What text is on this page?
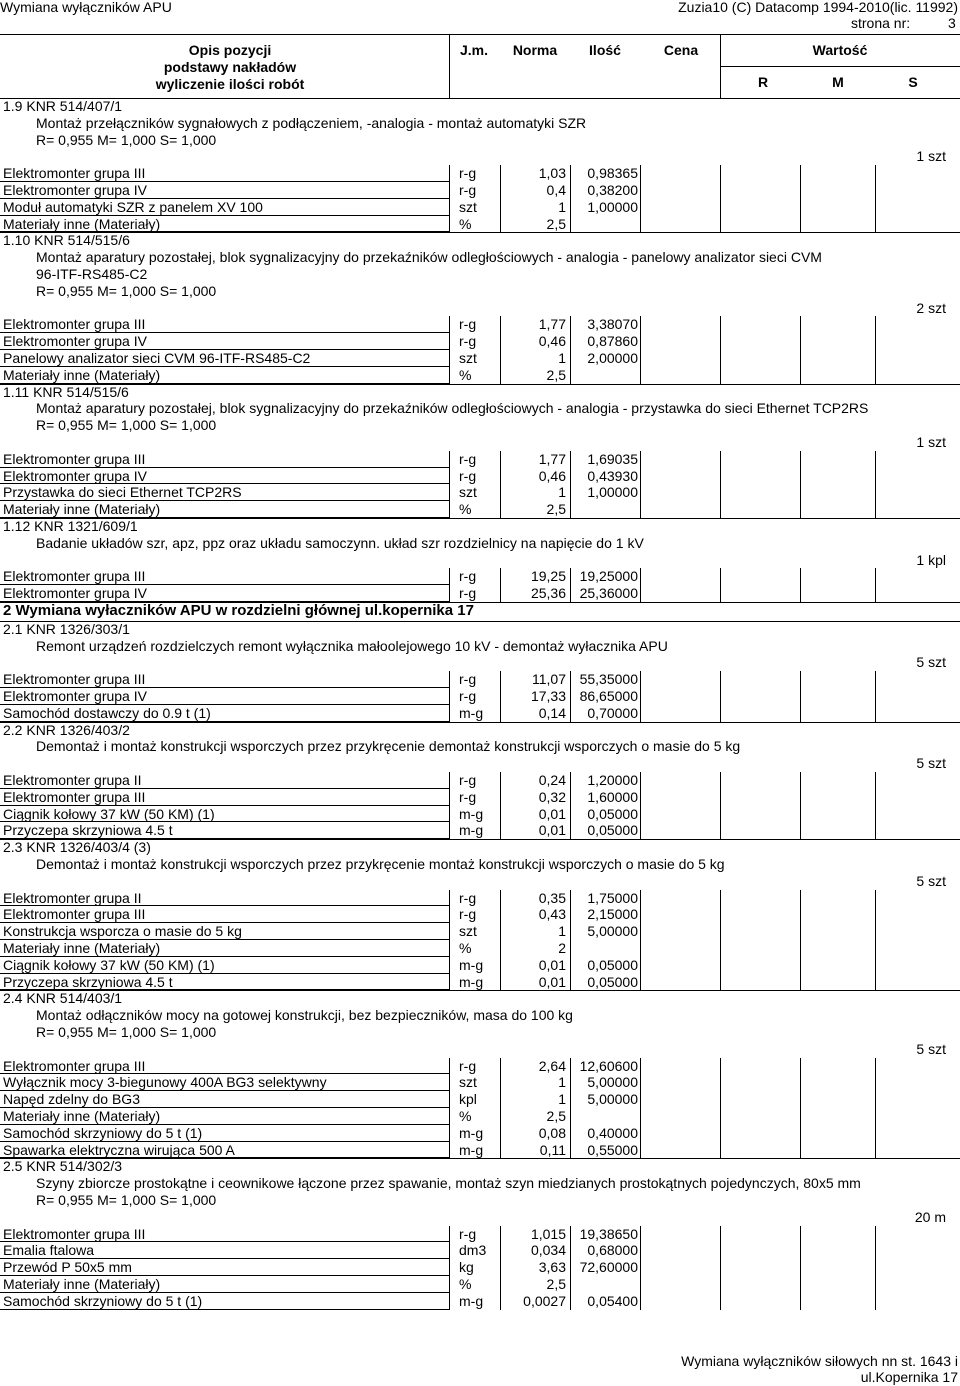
Wymiana wyłączników APU	Zuzia10 (C) Datacomp 1994-2010(lic. 11992)
strona nr:	3
Opis pozycji
podstawy nakładów
wyliczenie ilości robót
J.m.	Norma	Ilość	Cena	Wartość
R	M	S
1.9 KNR 514/407/1
Montaż przełączników sygnałowych z podłączeniem, -analogia - montaż automatyki SZR
R= 0,955 M= 1,000 S= 1,000
1 szt
Elektromonter grupa III	r-g	1,03	0,98365
Elektromonter grupa IV	r-g	0,4	0,38200
Moduł automatyki SZR z panelem XV 100	szt	1	1,00000
Materiały inne (Materiały)	%	2,5
1.10 KNR 514/515/6
Montaż aparatury pozostałej, blok sygnalizacyjny do przekaźników odległościowych - analogia - panelowy analizator sieci CVM
96-ITF-RS485-C2
R= 0,955 M= 1,000 S= 1,000
2 szt
Elektromonter grupa III	r-g	1,77	3,38070
Elektromonter grupa IV	r-g	0,46	0,87860
Panelowy analizator sieci CVM 96-ITF-RS485-C2	szt	1	2,00000
Materiały inne (Materiały)	%	2,5
1.11 KNR 514/515/6
Montaż aparatury pozostałej, blok sygnalizacyjny do przekaźników odległościowych - analogia - przystawka do sieci Ethernet TCP2RS
R= 0,955 M= 1,000 S= 1,000
1 szt
Elektromonter grupa III	r-g	1,77	1,69035
Elektromonter grupa IV	r-g	0,46	0,43930
Przystawka do sieci Ethernet TCP2RS	szt	1	1,00000
Materiały inne (Materiały)	%	2,5
1.12 KNR 1321/609/1
Badanie układów szr, apz, ppz oraz układu samoczynn. układ szr rozdzielnicy na napięcie do 1 kV
1 kpl
Elektromonter grupa III	r-g	19,25 19,25000
Elektromonter grupa IV	r-g	25,36 25,36000
2 Wymiana wyłaczników APU w rozdzielni głównej ul.kopernika 17
2.1 KNR 1326/303/1
Remont urządzeń rozdzielczych remont wyłącznika małoolejowego 10 kV - demontaż wyłacznika APU
5 szt
Elektromonter grupa III	r-g	11,07 55,35000
Elektromonter grupa IV	r-g	17,33 86,65000
Samochód dostawczy do 0.9 t (1)	m-g	0,14	0,70000
2.2 KNR 1326/403/2
Demontaż i montaż konstrukcji wsporczych przez przykręcenie demontaż konstrukcji wsporczych o masie do 5 kg
5 szt
Elektromonter grupa II	r-g	0,24	1,20000
Elektromonter grupa III	r-g	0,32	1,60000
Ciągnik kołowy 37 kW (50 KM) (1)	m-g	0,01	0,05000
Przyczepa skrzyniowa 4.5 t	m-g	0,01	0,05000
2.3 KNR 1326/403/4 (3)
Demontaż i montaż konstrukcji wsporczych przez przykręcenie montaż konstrukcji wsporczych o masie do 5 kg
5 szt
Elektromonter grupa II	r-g	0,35	1,75000
Elektromonter grupa III	r-g	0,43	2,15000
Konstrukcja wsporcza o masie do 5 kg	szt	1	5,00000
Materiały inne (Materiały)	%	2
Ciągnik kołowy 37 kW (50 KM) (1)	m-g	0,01	0,05000
Przyczepa skrzyniowa 4.5 t	m-g	0,01	0,05000
2.4 KNR 514/403/1
Montaż odłączników mocy na gotowej konstrukcji, bez bezpieczników, masa do 100 kg
R= 0,955 M= 1,000 S= 1,000
5 szt
Elektromonter grupa III	r-g	2,64 12,60600
Wyłącznik mocy 3-biegunowy 400A BG3 selektywny	szt	1	5,00000
Napęd zdelny do BG3	kpl	1	5,00000
Materiały inne (Materiały)	%	2,5
Samochód skrzyniowy do 5 t (1)	m-g	0,08	0,40000
Spawarka elektryczna wirująca 500 A	m-g	0,11	0,55000
2.5 KNR 514/302/3
Szyny zbiorcze prostokątne i ceownikowe łączone przez spawanie, montaż szyn miedzianych prostokątnych pojedynczych, 80x5 mm
R= 0,955 M= 1,000 S= 1,000
20 m
Elektromonter grupa III	r-g	1,015 19,38650
Emalia ftalowa	dm3	0,034	0,68000
Przewód P 50x5 mm	kg	3,63 72,60000
Materiały inne (Materiały)	%	2,5
Samochód skrzyniowy do 5 t (1)	m-g	0,0027	0,05400
Wymiana wyłączników siłowych nn st. 1643 i
ul.Kopernika 17
